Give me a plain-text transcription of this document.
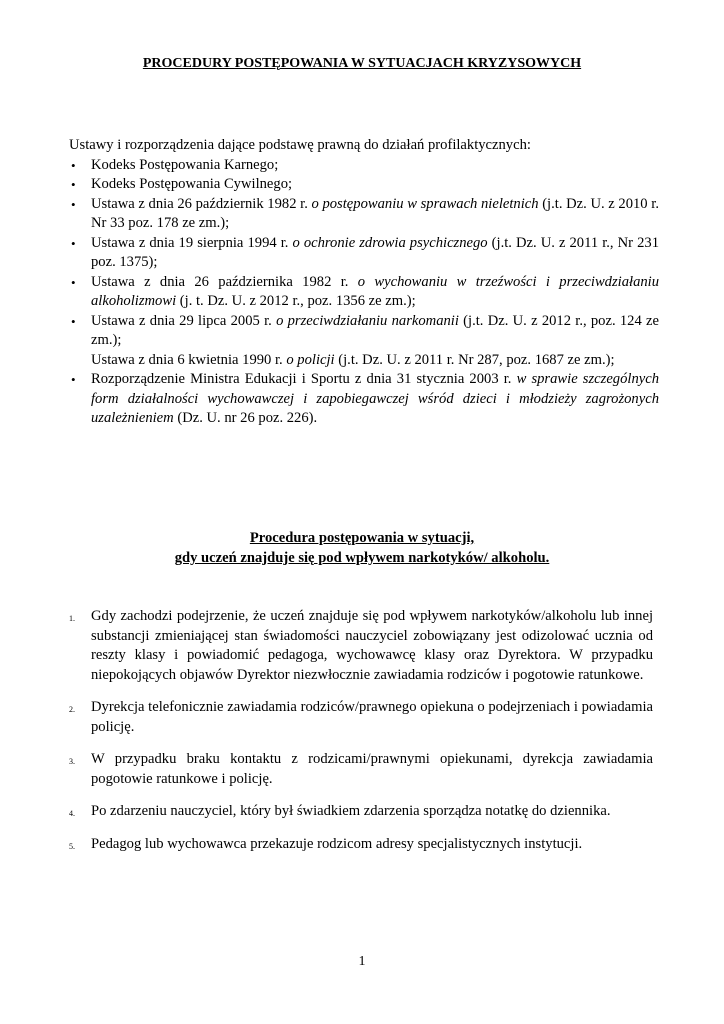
PROCEDURY POSTĘPOWANIA W SYTUACJACH KRYZYSOWYCH
Ustawy i rozporządzenia dające podstawę prawną do działań profilaktycznych:
• Kodeks Postępowania Karnego;
• Kodeks Postępowania Cywilnego;
• Ustawa z dnia 26 październik 1982 r. o postępowaniu w sprawach nieletnich (j.t. Dz. U. z 2010 r. Nr 33 poz. 178 ze zm.);
• Ustawa z dnia 19 sierpnia 1994 r. o ochronie zdrowia psychicznego (j.t. Dz. U. z 2011 r., Nr 231 poz. 1375);
• Ustawa z dnia 26 października 1982 r. o wychowaniu w trzeźwości i przeciwdziałaniu alkoholizmowi (j. t. Dz. U. z 2012 r., poz. 1356 ze zm.);
• Ustawa z dnia 29 lipca 2005 r. o przeciwdziałaniu narkomanii (j.t. Dz. U. z 2012 r., poz. 124 ze zm.);
Ustawa z dnia 6 kwietnia 1990 r. o policji (j.t. Dz. U. z 2011 r. Nr 287, poz. 1687 ze zm.);
• Rozporządzenie Ministra Edukacji i Sportu z dnia 31 stycznia 2003 r. w sprawie szczególnych form działalności wychowawczej i zapobiegawczej wśród dzieci i młodzieży zagrożonych uzależnieniem (Dz. U. nr 26 poz. 226).
Procedura postępowania w sytuacji,
gdy uczeń znajduje się pod wpływem narkotyków/ alkoholu.
1. Gdy zachodzi podejrzenie, że uczeń znajduje się pod wpływem narkotyków/alkoholu lub innej substancji zmieniającej stan świadomości nauczyciel zobowiązany jest odizolować ucznia od reszty klasy i powiadomić pedagoga, wychowawcę klasy oraz Dyrektora. W przypadku niepokojących objawów Dyrektor niezwłocznie zawiadamia rodziców i pogotowie ratunkowe.
2. Dyrekcja telefonicznie zawiadamia rodziców/prawnego opiekuna o podejrzeniach i powiadamia policję.
3. W przypadku braku kontaktu z rodzicami/prawnymi opiekunami, dyrekcja zawiadamia pogotowie ratunkowe i policję.
4. Po zdarzeniu nauczyciel, który był świadkiem zdarzenia sporządza notatkę do dziennika.
5. Pedagog lub wychowawca przekazuje rodzicom adresy specjalistycznych instytucji.
1
